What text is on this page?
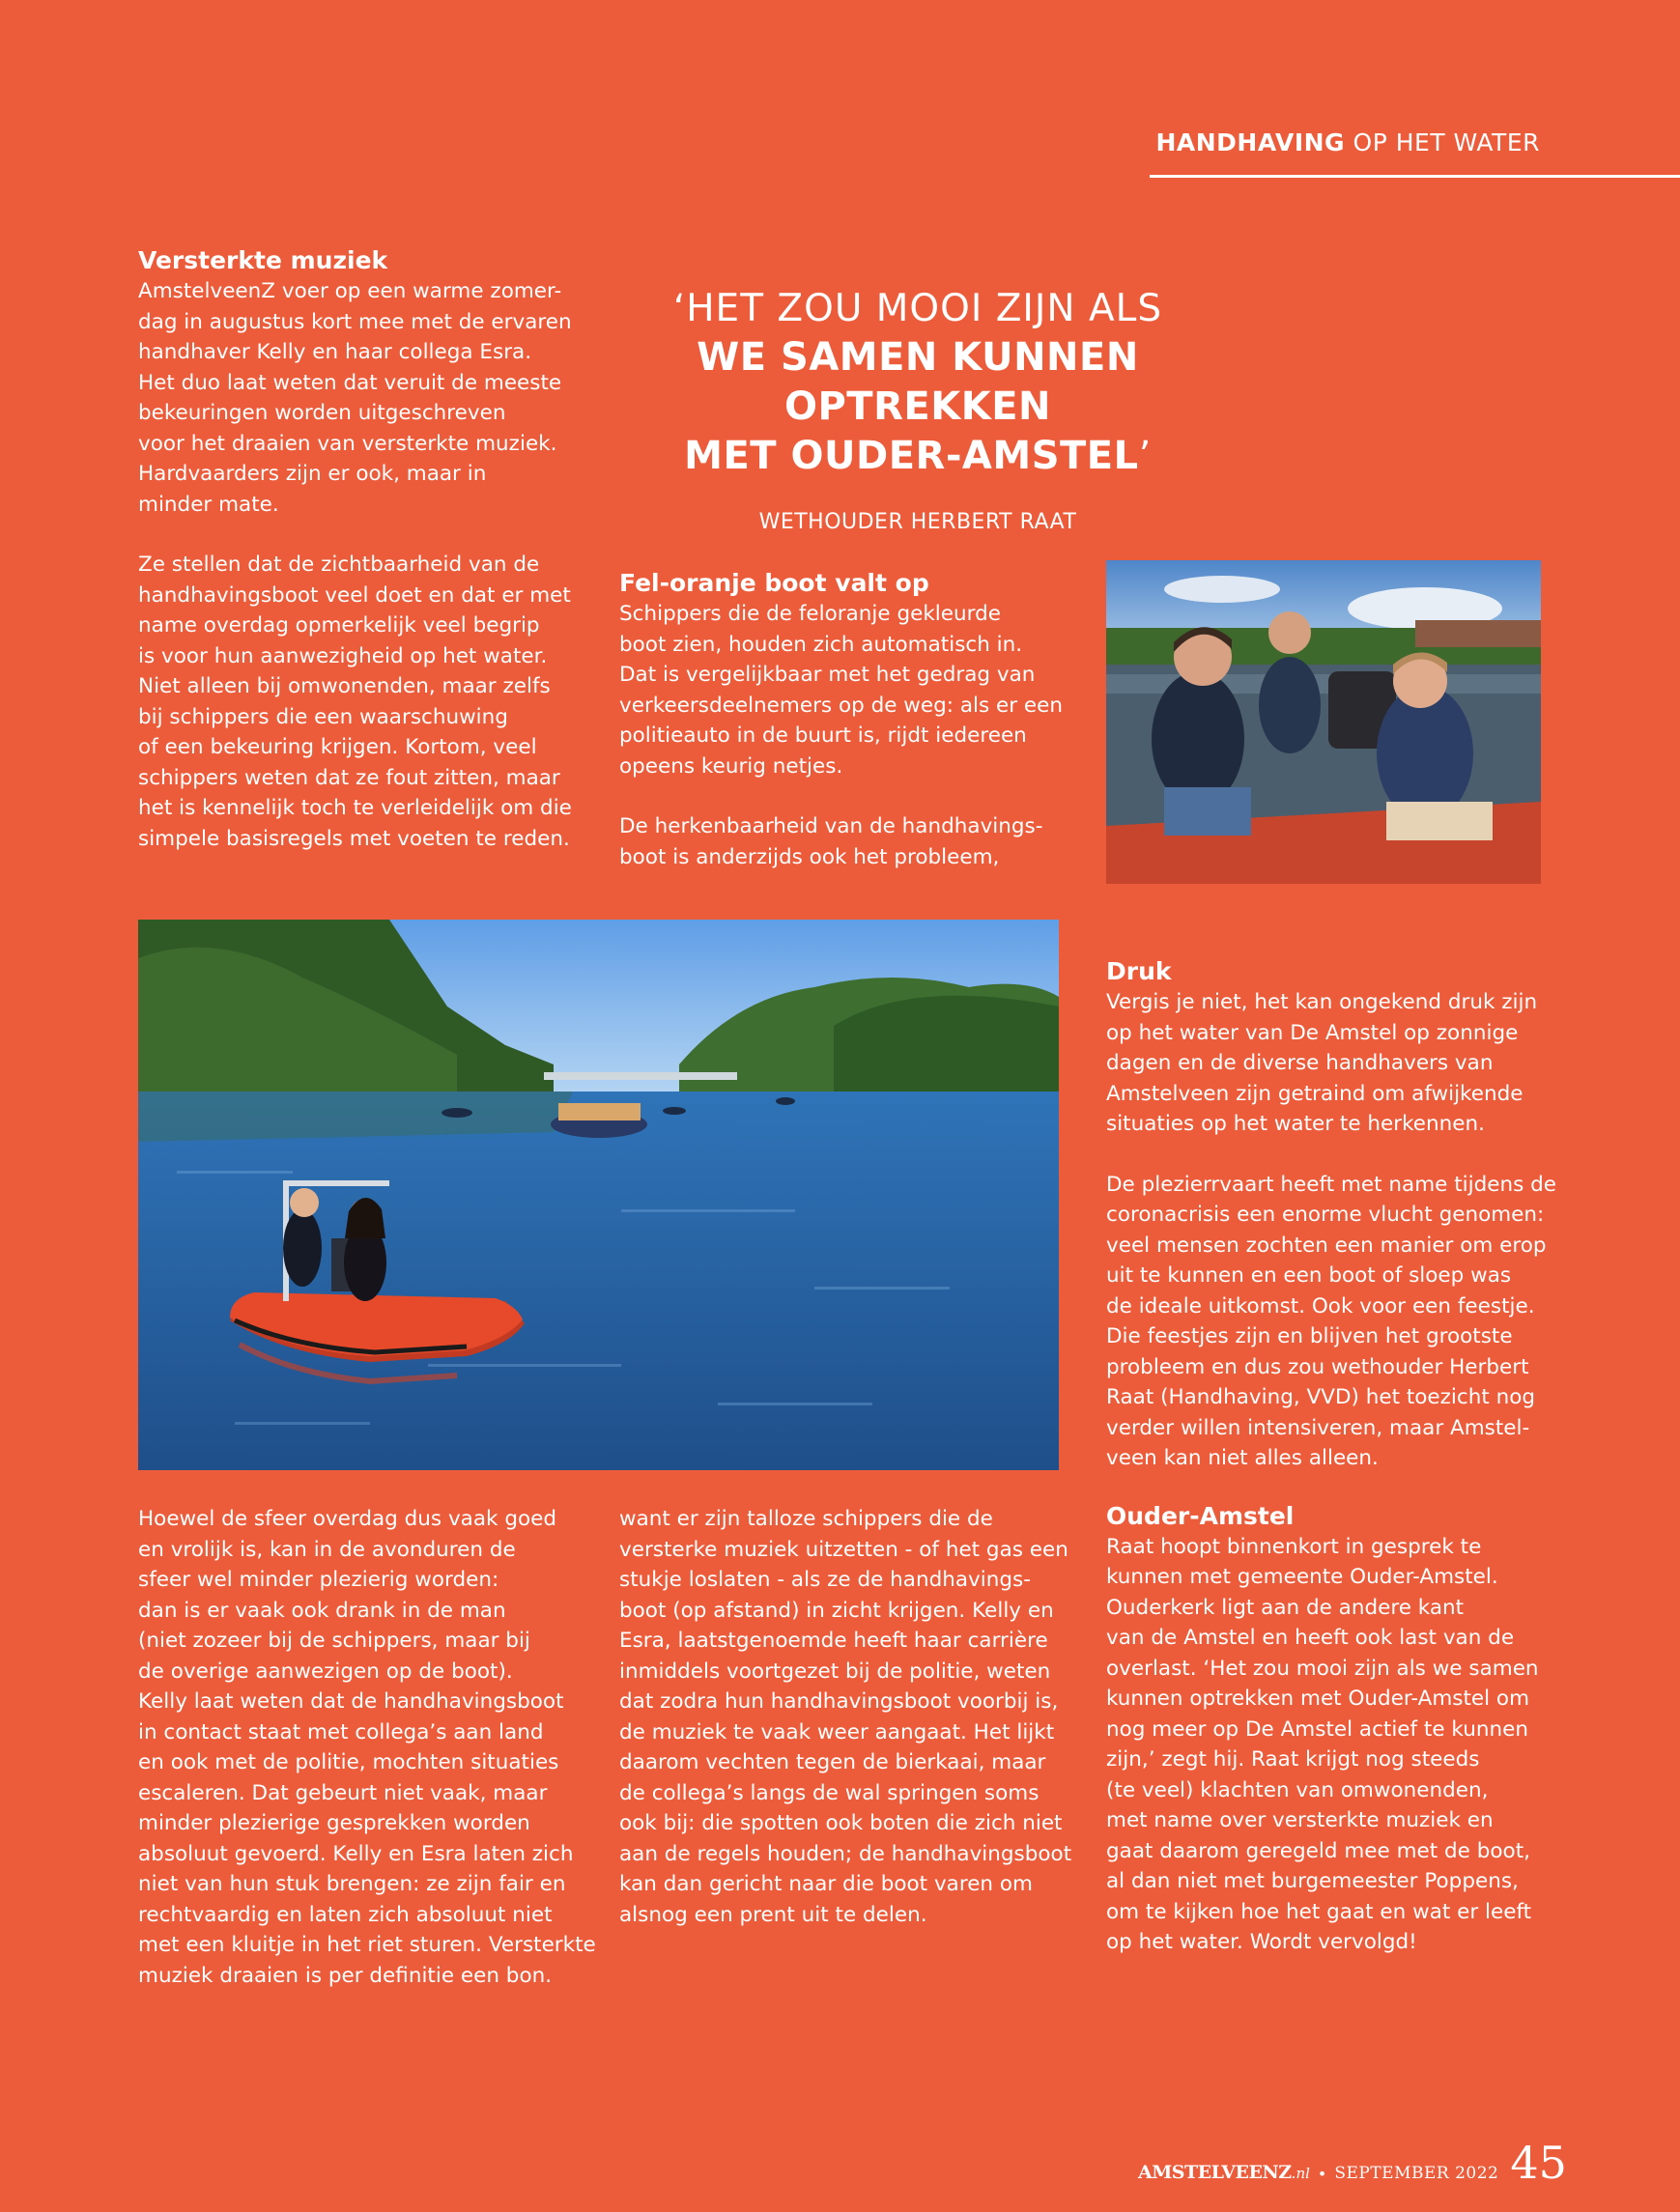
HANDHAVING OP HET WATER

Versterkte muziek

AmstelveenZ voer op een warme zomer-
dag in augustus kort mee met de ervaren
handhaver Kelly en haar collega Esra.
Het duo laat weten dat veruit de meeste
bekeuringen worden uitgeschreven
voor het draaien van versterkte muziek.
Hardvaarders zijn er ook, maar in
minder mate.

Ze stellen dat de zichtbaarheid van de
handhavingsboot veel doet en dat er met
name overdag opmerkelijk veel begrip
is voor hun aanwezigheid op het water.
Niet alleen bij omwonenden, maar zelfs
bij schippers die een waarschuwing
of een bekeuring krijgen. Kortom, veel
schippers weten dat ze fout zitten, maar
het is kennelijk toch te verleidelijk om die
simpele basisregels met voeten te reden.

‘HET ZOU MOOI ZIJN ALS
WE SAMEN KUNNEN OPTREKKEN
MET OUDER-AMSTEL’
WETHOUDER HERBERT RAAT

Fel-oranje boot valt op

Schippers die de feloranje gekleurde
boot zien, houden zich automatisch in.
Dat is vergelijkbaar met het gedrag van
verkeersdeelnemers op de weg: als er een
politieauto in de buurt is, rijdt iedereen
opeens keurig netjes.

De herkenbaarheid van de handhavings-
boot is anderzijds ook het probleem,

Druk

Vergis je niet, het kan ongekend druk zijn
op het water van De Amstel op zonnige
dagen en de diverse handhavers van
Amstelveen zijn getraind om afwijkende
situaties op het water te herkennen.

De plezierrvaart heeft met name tijdens de
coronacrisis een enorme vlucht genomen:
veel mensen zochten een manier om erop
uit te kunnen en een boot of sloep was
de ideale uitkomst. Ook voor een feestje.
Die feestjes zijn en blijven het grootste
probleem en dus zou wethouder Herbert
Raat (Handhaving, VVD) het toezicht nog
verder willen intensiveren, maar Amstel-
veen kan niet alles alleen.

Ouder-Amstel

Raat hoopt binnenkort in gesprek te
kunnen met gemeente Ouder-Amstel.
Ouderkerk ligt aan de andere kant
van de Amstel en heeft ook last van de
overlast. ‘Het zou mooi zijn als we samen
kunnen optrekken met Ouder-Amstel om
nog meer op De Amstel actief te kunnen
zijn,’ zegt hij. Raat krijgt nog steeds
(te veel) klachten van omwonenden,
met name over versterkte muziek en
gaat daarom geregeld mee met de boot,
al dan niet met burgemeester Poppens,
om te kijken hoe het gaat en wat er leeft
op het water. Wordt vervolgd!

Hoewel de sfeer overdag dus vaak goed
en vrolijk is, kan in de avonduren de
sfeer wel minder plezierig worden:
dan is er vaak ook drank in de man
(niet zozeer bij de schippers, maar bij
de overige aanwezigen op de boot).
Kelly laat weten dat de handhavingsboot
in contact staat met collega’s aan land
en ook met de politie, mochten situaties
escaleren. Dat gebeurt niet vaak, maar
minder plezierige gesprekken worden
absoluut gevoerd. Kelly en Esra laten zich
niet van hun stuk brengen: ze zijn fair en
rechtvaardig en laten zich absoluut niet
met een kluitje in het riet sturen. Versterkte
muziek draaien is per definitie een bon.

want er zijn talloze schippers die de
versterke muziek uitzetten - of het gas een
stukje loslaten - als ze de handhavings-
boot (op afstand) in zicht krijgen. Kelly en
Esra, laatstgenoemde heeft haar carrière
inmiddels voortgezet bij de politie, weten
dat zodra hun handhavingsboot voorbij is,
de muziek te vaak weer aangaat. Het lijkt
daarom vechten tegen de bierkaai, maar
de collega’s langs de wal springen soms
ook bij: die spotten ook boten die zich niet
aan de regels houden; de handhavingsboot
kan dan gericht naar die boot varen om
alsnog een prent uit te delen.

AMSTELVEENZ.nl • SEPTEMBER 2022 45
